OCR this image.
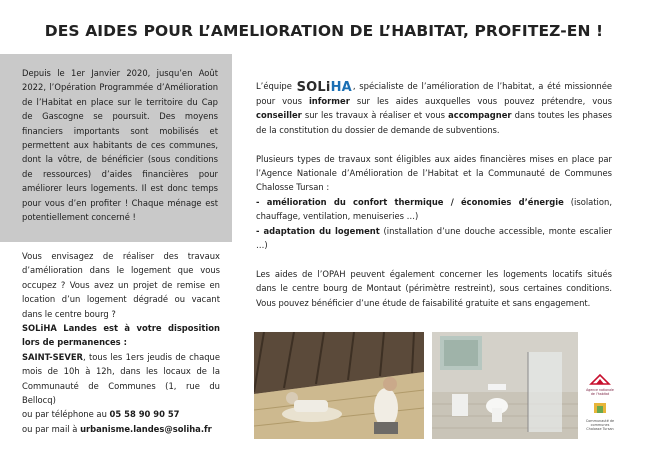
DES AIDES POUR L’AMELIORATION DE L’HABITAT, PROFITEZ-EN !
Depuis le 1er Janvier 2020, jusqu’en Août 2022, l’Opération Programmée d’Amélioration de l’Habitat en place sur le territoire du Cap de Gascogne se poursuit. Des moyens financiers importants sont mobilisés et permettent aux habitants de ces communes, dont la vôtre, de bénéficier (sous conditions de ressources) d’aides financières pour améliorer leurs logements. Il est donc temps pour vous d’en profiter ! Chaque ménage est potentiellement concerné !

Vous envisagez de réaliser des travaux d’amélioration dans le logement que vous occupez ? Vous avez un projet de remise en location d’un logement dégradé ou vacant dans le centre bourg ?

SOLiHA Landes est à votre disposition lors de permanences :
SAINT-SEVER, tous les 1ers jeudis de chaque mois de 10h à 12h, dans les locaux de la Communauté de Communes (1, rue du Bellocq)
ou par téléphone au 05 58 90 90 57
ou par mail à urbanisme.landes@soliha.fr

L’équipe SOLiHA, spécialiste de l’amélioration de l’habitat, a été missionnée pour vous informer sur les aides auxquelles vous pouvez prétendre, vous conseiller sur les travaux à réaliser et vous accompagner dans toutes les phases de la constitution du dossier de demande de subventions.

Plusieurs types de travaux sont éligibles aux aides financières mises en place par l’Agence Nationale d’Amélioration de l’Habitat et la Communauté de Communes Chalosse Tursan :
- amélioration du confort thermique / économies d’énergie (isolation, chauffage, ventilation, menuiseries …)
- adaptation du logement (installation d’une douche accessible, monte escalier …)

Les aides de l’OPAH peuvent également concerner les logements locatifs situés dans le centre bourg de Montaut (périmètre restreint), sous certaines conditions. Vous pouvez bénéficier d’une étude de faisabilité gratuite et sans engagement.

Agence nationale de l’habitat
Communauté de communes Chalosse Tursan
